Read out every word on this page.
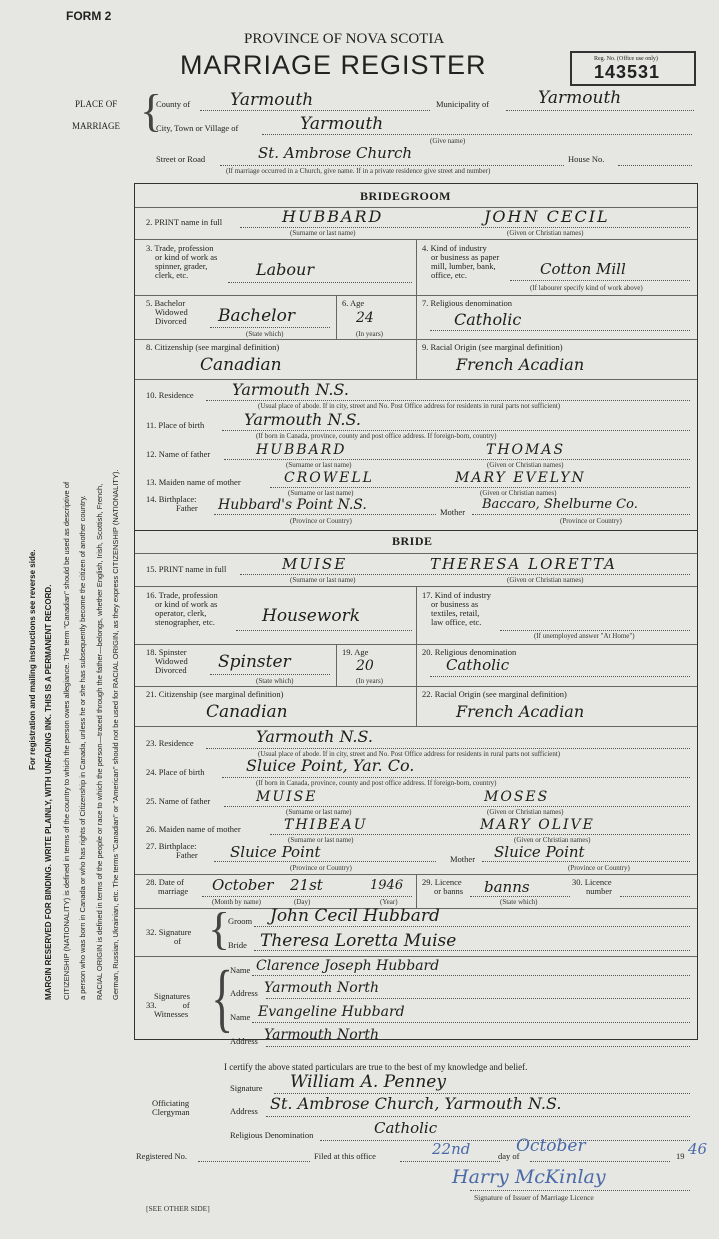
FORM 2
PROVINCE OF NOVA SCOTIA
MARRIAGE REGISTER	Reg. No. (Office use only)
143531
PLACE OF
MARRIAGE {
County of Yarmouth	Municipality of	Yarmouth
City, Town or Village of	Yarmouth
(Give name)
Street or Road	St. Ambrose Church	House No.
(If marriage occurred in a Church, give name. If in a private residence give street and number)
For registration and mailing instructions see reverse side. MARGIN RESERVED FOR BINDING. WRITE PLAINLY, WITH UNFADING INK. THIS IS A PERMANENT RECORD. CITIZENSHIP (NATIONALITY) is defined in terms of the country to which the person owes allegiance. The term "Canadian" should be used as descriptive of a person who was born in Canada or who has rights of Citizenship in Canada, unless he or she has subsequently become the citizen of another country. RACIAL ORIGIN is defined in terms of the people or race to which the person—traced through the father—belongs, whether English, Irish, Scottish, French, German, Russian, Ukrainian, etc. The terms "Canadian" or "American" should not be used for RACIAL ORIGIN, as they express CITIZENSHIP (NATIONALITY).
BRIDEGROOM
2. PRINT name in full	HUBBARD	JOHN CECIL
(Surname or last name)	(Given or Christian names)
3. Trade, profession
or kind of work as
spinner, grader,
clerk, etc.	Labour
4. Kind of industry
or business as paper
mill, lumber, bank,
office, etc.	Cotton Mill
(If labourer specify kind of work above)
5. Bachelor
Widowed
Divorced Bachelor
(State which)
6. Age
24
(In years)
7. Religious denomination
Catholic
8. Citizenship (see marginal definition)
Canadian
9. Racial Origin (see marginal definition)
French Acadian
10. Residence Yarmouth N.S.
(Usual place of abode. If in city, street and No. Post Office address for residents in rural parts not sufficient)
11. Place of birth Yarmouth N.S.
(If born in Canada, province, county and post office address. If foreign-born, country)
12. Name of father	HUBBARD	THOMAS
(Surname or last name)	(Given or Christian names)
13. Maiden name of mother	CROWELL	MARY EVELYN
(Surname or last name)	(Given or Christian names)
14. Birthplace:
Father Hubbard's Point N.S.
(Province or Country)
Mother Baccaro, Shelburne Co.
(Province or Country)
BRIDE
15. PRINT name in full	MUISE	THERESA LORETTA
(Surname or last name)	(Given or Christian names)
16. Trade, profession
or kind of work as
operator, clerk,
stenographer, etc.	Housework
17. Kind of industry
or business as
textiles, retail,
law office, etc.
(If unemployed answer "At Home")
18. Spinster
Widowed
Divorced Spinster
(State which)
19. Age
20
(In years)
20. Religious denomination
Catholic
21. Citizenship (see marginal definition)
Canadian
22. Racial Origin (see marginal definition)
French Acadian
23. Residence	Yarmouth N.S.
(Usual place of abode. If in city, street and No. Post Office address for residents in rural parts not sufficient)
24. Place of birth	Sluice Point, Yar. Co.
(If born in Canada, province, county and post office address. If foreign-born, country)
25. Name of father	MUISE	MOSES
(Surname or last name)	(Given or Christian names)
26. Maiden name of mother	THIBEAU	MARY OLIVE
(Surname or last name)	(Given or Christian names)
27. Birthplace:
Father Sluice Point
(Province or Country)
Mother Sluice Point
(Province or Country)
28. Date of
marriage October 21st	1946
(Month by name)	(Day)	(Year)
29. Licence
or banns banns
(State which)
30. Licence
number
32. Signature
of {
Groom John Cecil Hubbard
Bride Theresa Loretta Muise
Signatures
33.	of
Witnesses {
Name Clarence Joseph Hubbard
Address Yarmouth North
Name Evangeline Hubbard
Address Yarmouth North
I certify the above stated particulars are true to the best of my knowledge and belief.
Signature William A. Penney
Officiating
Clergyman	Address St. Ambrose Church, Yarmouth N.S.
Religious Denomination	Catholic
Registered No.	Filed at this office	22nd	day of
October	19 46
Harry McKinlay
Signature of Issuer of Marriage Licence
[SEE OTHER SIDE]
